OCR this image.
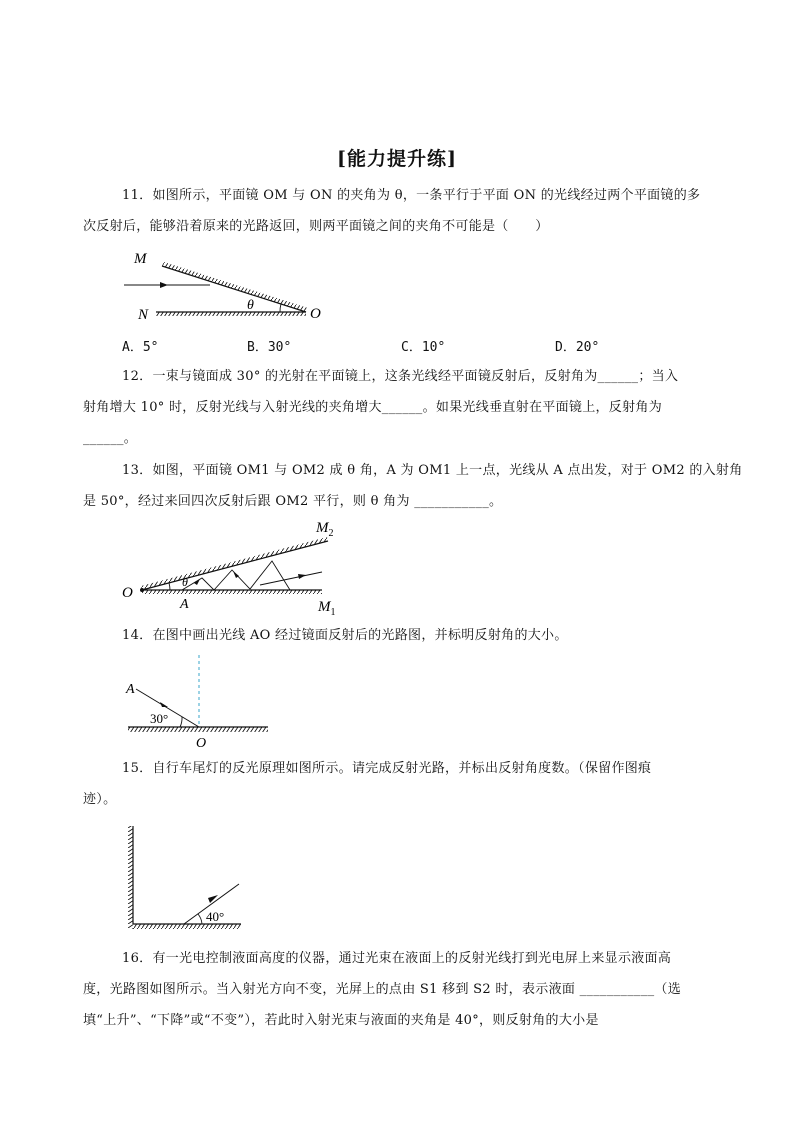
[能力提升练]
11．如图所示，平面镜 OM 与 ON 的夹角为 θ，一条平行于平面 ON 的光线经过两个平面镜的多
次反射后，能够沿着原来的光路返回，则两平面镜之间的夹角不可能是（　　）
M
N	O
θ
A．5°	B．30°	C．10°	D．20°
12．一束与镜面成 30° 的光射在平面镜上，这条光线经平面镜反射后，反射角为______；当入
射角增大 10° 时，反射光线与入射光线的夹角增大______。如果光线垂直射在平面镜上，反射角为
______。
13．如图，平面镜 OM1 与 OM2 成 θ 角，A 为 OM1 上一点，光线从 A 点出发，对于 OM2 的入射角
是 50°，经过来回四次反射后跟 OM2 平行，则 θ 角为 ___________。
O
A
θ
$M_2$
$M_1$
14．在图中画出光线 AO 经过镜面反射后的光路图，并标明反射角的大小。
A
30°
O
15．自行车尾灯的反光原理如图所示。请完成反射光路，并标出反射角度数。（保留作图痕
迹）。
40°
16．有一光电控制液面高度的仪器，通过光束在液面上的反射光线打到光电屏上来显示液面高
度，光路图如图所示。当入射光方向不变，光屏上的点由 S1 移到 S2 时，表示液面 ___________（选
填“上升”、“下降”或“不变”），若此时入射光束与液面的夹角是 40°，则反射角的大小是
